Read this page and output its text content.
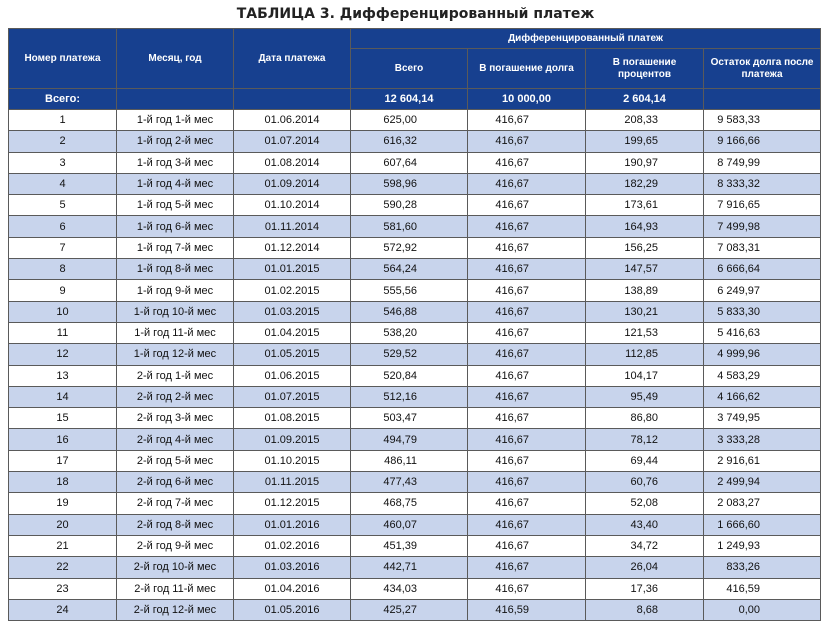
ТАБЛИЦА 3. Дифференцированный платеж
Номер платежа	Месяц, год	Дата платежа	Дифференцированный платеж			
			Всего	В погашение долга	В погашение процентов	Остаток долга после платежа
Всего:			12 604,14	10 000,00	2 604,14	
1	1-й год 1-й мес	01.06.2014	625,00	416,67	208,33	9 583,33
2	1-й год 2-й мес	01.07.2014	616,32	416,67	199,65	9 166,66
3	1-й год 3-й мес	01.08.2014	607,64	416,67	190,97	8 749,99
4	1-й год 4-й мес	01.09.2014	598,96	416,67	182,29	8 333,32
5	1-й год 5-й мес	01.10.2014	590,28	416,67	173,61	7 916,65
6	1-й год 6-й мес	01.11.2014	581,60	416,67	164,93	7 499,98
7	1-й год 7-й мес	01.12.2014	572,92	416,67	156,25	7 083,31
8	1-й год 8-й мес	01.01.2015	564,24	416,67	147,57	6 666,64
9	1-й год 9-й мес	01.02.2015	555,56	416,67	138,89	6 249,97
10	1-й год 10-й мес	01.03.2015	546,88	416,67	130,21	5 833,30
11	1-й год 11-й мес	01.04.2015	538,20	416,67	121,53	5 416,63
12	1-й год 12-й мес	01.05.2015	529,52	416,67	112,85	4 999,96
13	2-й год 1-й мес	01.06.2015	520,84	416,67	104,17	4 583,29
14	2-й год 2-й мес	01.07.2015	512,16	416,67	95,49	4 166,62
15	2-й год 3-й мес	01.08.2015	503,47	416,67	86,80	3 749,95
16	2-й год 4-й мес	01.09.2015	494,79	416,67	78,12	3 333,28
17	2-й год 5-й мес	01.10.2015	486,11	416,67	69,44	2 916,61
18	2-й год 6-й мес	01.11.2015	477,43	416,67	60,76	2 499,94
19	2-й год 7-й мес	01.12.2015	468,75	416,67	52,08	2 083,27
20	2-й год 8-й мес	01.01.2016	460,07	416,67	43,40	1 666,60
21	2-й год 9-й мес	01.02.2016	451,39	416,67	34,72	1 249,93
22	2-й год 10-й мес	01.03.2016	442,71	416,67	26,04	833,26
23	2-й год 11-й мес	01.04.2016	434,03	416,67	17,36	416,59
24	2-й год 12-й мес	01.05.2016	425,27	416,59	8,68	0,00
